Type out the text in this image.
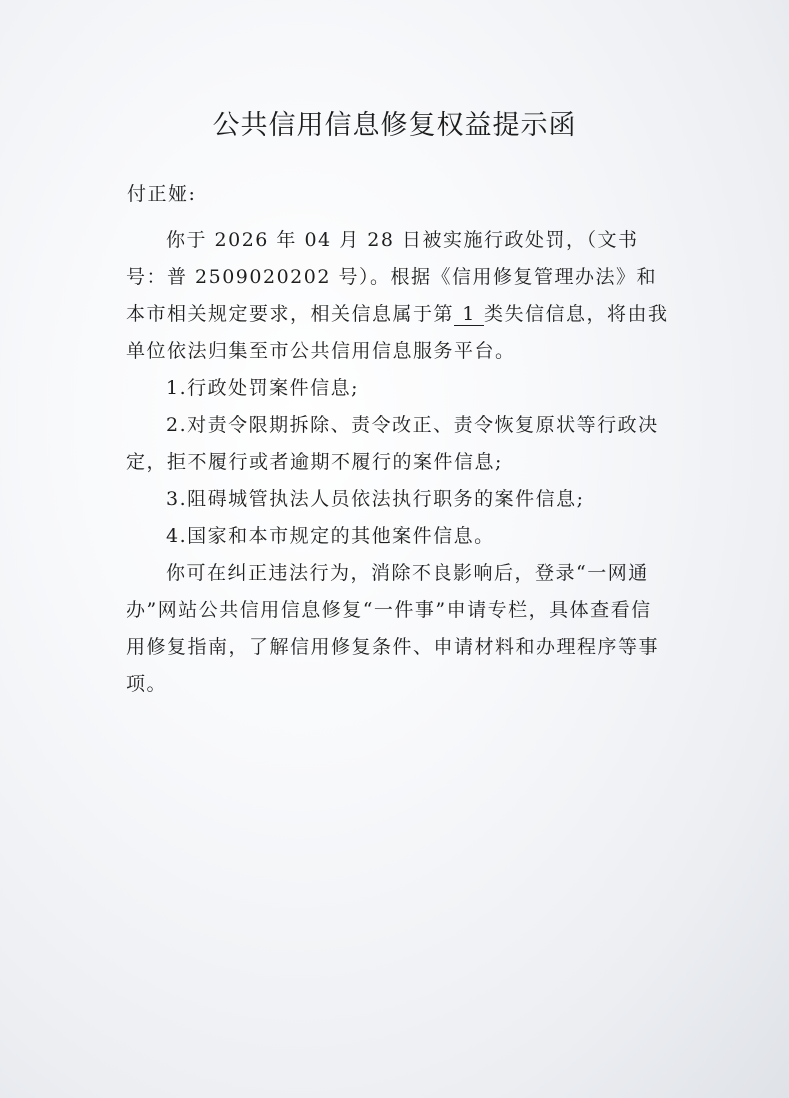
公共信用信息修复权益提示函
付正娅:

你于 2026 年 04 月 28 日被实施行政处罚，（文书号：普 2509020202 号）。根据《信用修复管理办法》和本市相关规定要求，相关信息属于第 1 类失信信息，将由我单位依法归集至市公共信用信息服务平台。

1.行政处罚案件信息;

2.对责令限期拆除、责令改正、责令恢复原状等行政决定，拒不履行或者逾期不履行的案件信息;

3.阻碍城管执法人员依法执行职务的案件信息;

4.国家和本市规定的其他案件信息。

你可在纠正违法行为，消除不良影响后，登录“一网通办”网站公共信用信息修复“一件事”申请专栏，具体查看信用修复指南，了解信用修复条件、申请材料和办理程序等事项。
